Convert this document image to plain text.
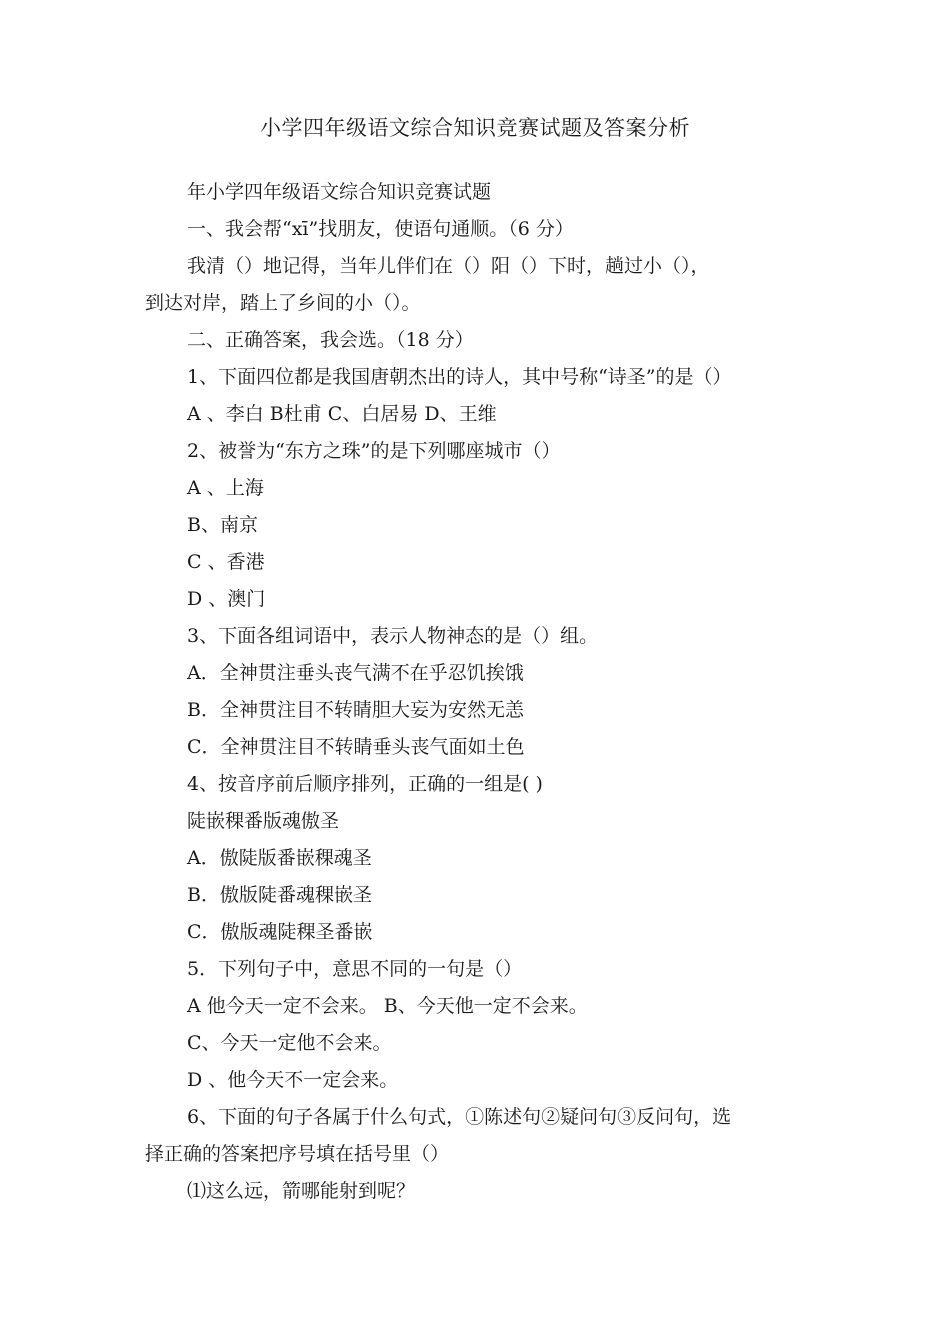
小学四年级语文综合知识竞赛试题及答案分析
年小学四年级语文综合知识竞赛试题
一、我会帮“xī”找朋友，使语句通顺。（6 分）
我清（）地记得，当年儿伴们在（）阳（）下时，趟过小（），
到达对岸，踏上了乡间的小（）。
二、正确答案，我会选。（18 分）
1、下面四位都是我国唐朝杰出的诗人，其中号称“诗圣”的是（）
A 、李白 B杜甫 C、白居易 D、王维
2、被誉为“东方之珠”的是下列哪座城市（）
A 、上海
B、南京
C 、香港
D 、澳门
3、下面各组词语中，表示人物神态的是（）组。
A．全神贯注垂头丧气满不在乎忍饥挨饿
B．全神贯注目不转睛胆大妄为安然无恙
C．全神贯注目不转睛垂头丧气面如土色
4、按音序前后顺序排列，正确的一组是( )
陡嵌稞番版魂傲圣
A．傲陡版番嵌稞魂圣
B．傲版陡番魂稞嵌圣
C．傲版魂陡稞圣番嵌
5．下列句子中，意思不同的一句是（）
A 他今天一定不会来。 B、今天他一定不会来。
C、今天一定他不会来。
D 、他今天不一定会来。
6、下面的句子各属于什么句式，①陈述句②疑问句③反问句，选
择正确的答案把序号填在括号里（）
⑴这么远，箭哪能射到呢？
